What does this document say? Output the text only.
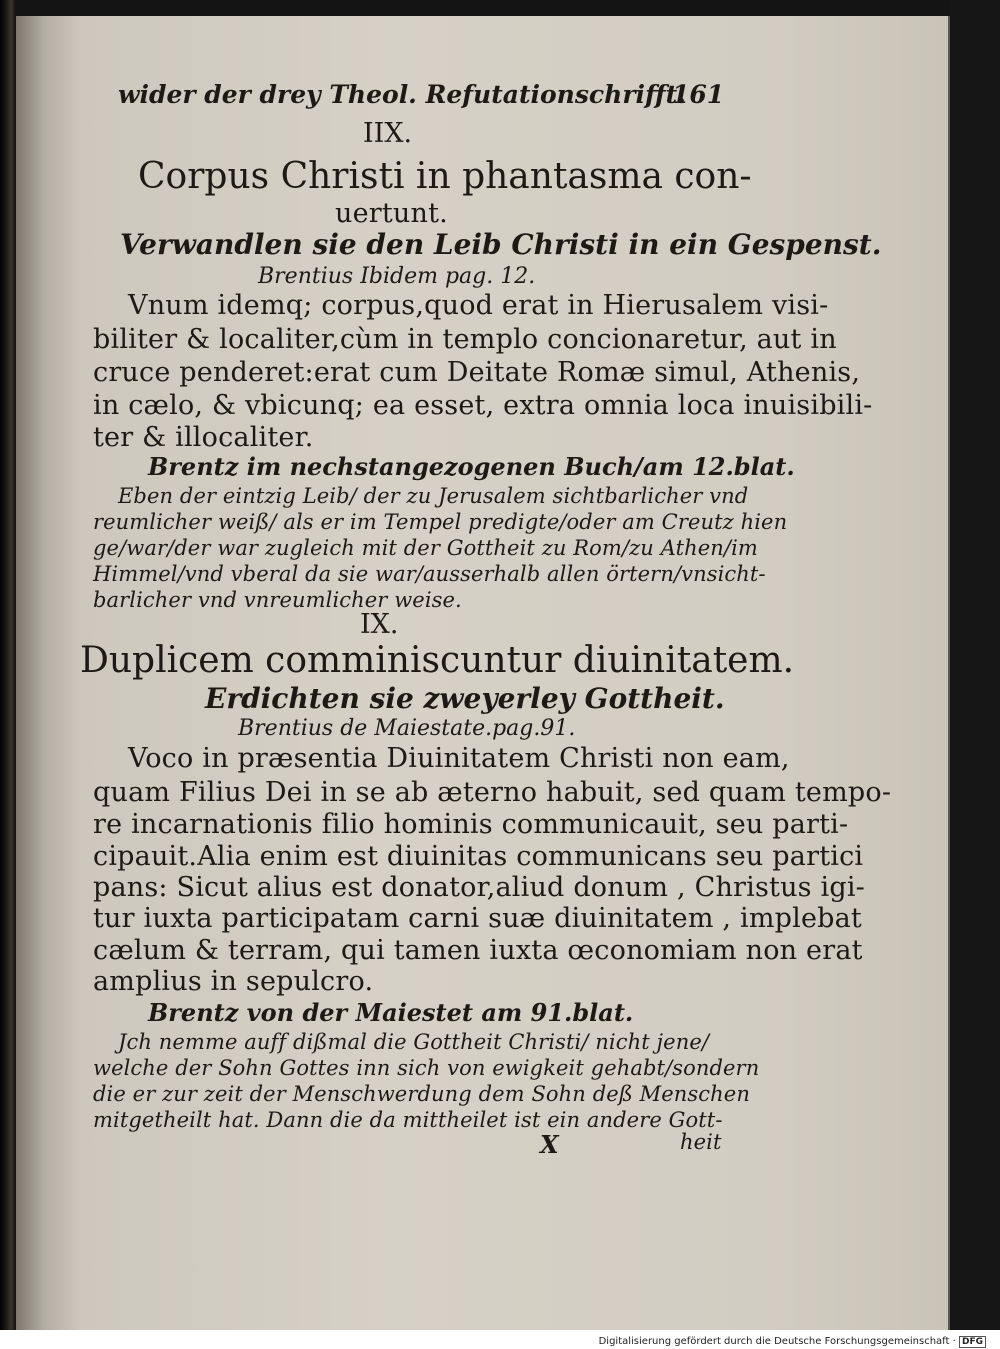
wider der drey Theol. Refutationschrifft.
161
IIX.
Corpus Christi in phantasma con-
uertunt.
Verwandlen sie den Leib Christi in ein Gespenst.
Brentius Ibidem pag. 12.
Vnum idemq; corpus,quod erat in Hierusalem visi-
biliter & localiter,cùm in templo concionaretur, aut in
cruce penderet:erat cum Deitate Romæ simul, Athenis,
in cælo, & vbicunq; ea esset, extra omnia loca inuisibili-
ter & illocaliter.
Brentz im nechstangezogenen Buch/am 12.blat.
Eben der eintzig Leib/ der zu Jerusalem sichtbarlicher vnd
reumlicher weiß/ als er im Tempel predigte/oder am Creutz hien
ge/war/der war zugleich mit der Gottheit zu Rom/zu Athen/im
Himmel/vnd vberal da sie war/ausserhalb allen örtern/vnsicht-
barlicher vnd vnreumlicher weise.
IX.
Duplicem comminiscuntur diuinitatem.
Erdichten sie zweyerley Gottheit.
Brentius de Maiestate.pag.91.
Voco in præsentia Diuinitatem Christi non eam,
quam Filius Dei in se ab æterno habuit, sed quam tempo-
re incarnationis filio hominis communicauit, seu parti-
cipauit.Alia enim est diuinitas communicans seu partici
pans: Sicut alius est donator,aliud donum , Christus igi-
tur iuxta participatam carni suæ diuinitatem , implebat
cælum & terram, qui tamen iuxta œconomiam non erat
amplius in sepulcro.
Brentz von der Maiestet am 91.blat.
Jch nemme auff dißmal die Gottheit Christi/ nicht jene/
welche der Sohn Gottes inn sich von ewigkeit gehabt/sondern
die er zur zeit der Menschwerdung dem Sohn deß Menschen
mitgetheilt hat. Dann die da mittheilet ist ein andere Gott-
X	heit
Digitalisierung gefördert durch die Deutsche Forschungsgemeinschaft · DFG
